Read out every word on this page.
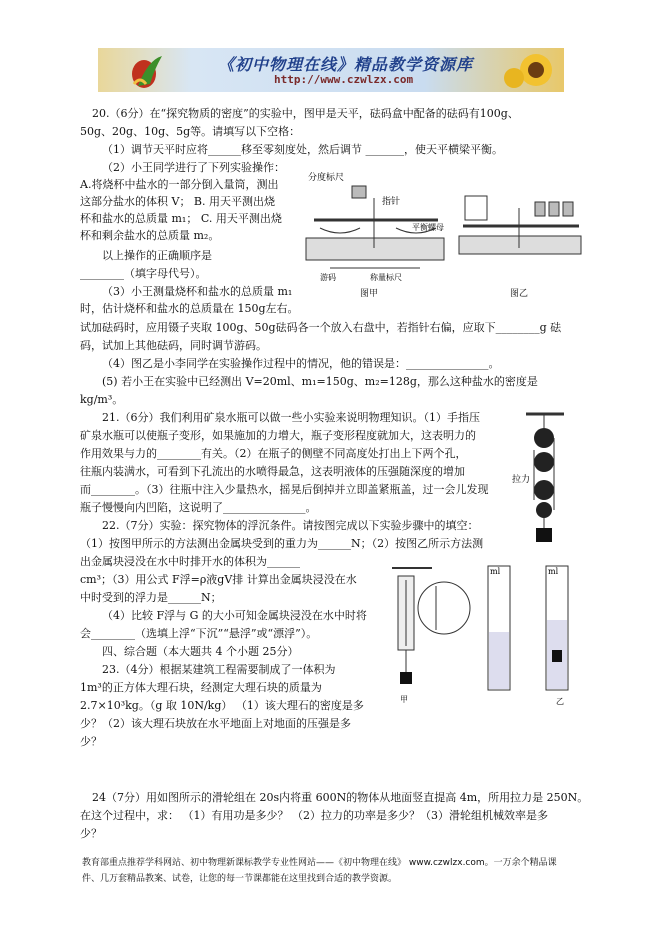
《初中物理在线》精品教学资源库
http://www.czwlzx.com
20.（6分）在“探究物质的密度”的实验中，图甲是天平，砝码盒中配备的砝码有100g、
50g、20g、10g、5g等。请填写以下空格：
（1）调节天平时应将______移至零刻度处，然后调节 _______，使天平横梁平衡。
（2）小王同学进行了下列实验操作：
A.将烧杯中盐水的一部分倒入量筒，测出
这部分盐水的体积 V； B. 用天平测出烧
杯和盐水的总质量 m₁； C. 用天平测出烧
杯和剩余盐水的总质量 m₂。
以上操作的正确顺序是
________（填字母代号）。
（3）小王测量烧杯和盐水的总质量 m₁
时，估计烧杯和盐水的总质量在 150g左右。
试加砝码时，应用镊子夹取 100g、50g砝码各一个放入右盘中，若指针右偏，应取下________g 砝
码，试加上其他砝码，同时调节游码。
（4）图乙是小李同学在实验操作过程中的情况，他的错误是：_______________。
(5) 若小王在实验中已经测出 V=20ml、m₁=150g、m₂=128g，那么这种盐水的密度是
kg/m³。
分度标尺
指针
平衡螺母
游码	称量标尺
图甲	图乙
21.（6分）我们利用矿泉水瓶可以做一些小实验来说明物理知识。（1）手指压
矿泉水瓶可以使瓶子变形，如果施加的力增大，瓶子变形程度就加大，这表明力的
作用效果与力的________有关。（2）在瓶子的侧壁不同高度处打出上下两个孔，
往瓶内装满水，可看到下孔流出的水喷得最急，这表明液体的压强随深度的增加
而________。（3）往瓶中注入少量热水，摇晃后倒掉并立即盖紧瓶盖，过一会儿发现
瓶子慢慢向内凹陷，这说明了_______________。
拉力
22.（7分）实验：探究物体的浮沉条件。请按图完成以下实验步骤中的填空：
（1）按图甲所示的方法测出金属块受到的重力为______N；（2）按图乙所示方法测
出金属块浸没在水中时排开水的体积为______
cm³；（3）用公式 F浮=ρ液gV排 计算出金属块浸没在水
中时受到的浮力是______N；
（4）比较 F浮与 G 的大小可知金属块浸没在水中时将
会________（选填上浮“下沉”“悬浮”或“漂浮”）。
甲
ml	ml
乙
四、综合题（本大题共 4 个小题 25分）
23.（4分）根据某建筑工程需要制成了一体积为
1m³的正方体大理石块，经测定大理石块的质量为
2.7×10³kg。（g 取 10N/kg） （1）该大理石的密度是多
少？（2）该大理石块放在水平地面上对地面的压强是多
少？
24（7分）用如图所示的滑轮组在 20s内将重 600N的物体从地面竖直提高 4m，所用拉力是 250N。
在这个过程中，求： （1）有用功是多少？ （2）拉力的功率是多少？（3）滑轮组机械效率是多
少？
教育部重点推荐学科网站、初中物理新课标教学专业性网站——《初中物理在线》 www.czwlzx.com。一万余个精品课
件、几万套精品教案、试卷，让您的每一节课都能在这里找到合适的教学资源。
